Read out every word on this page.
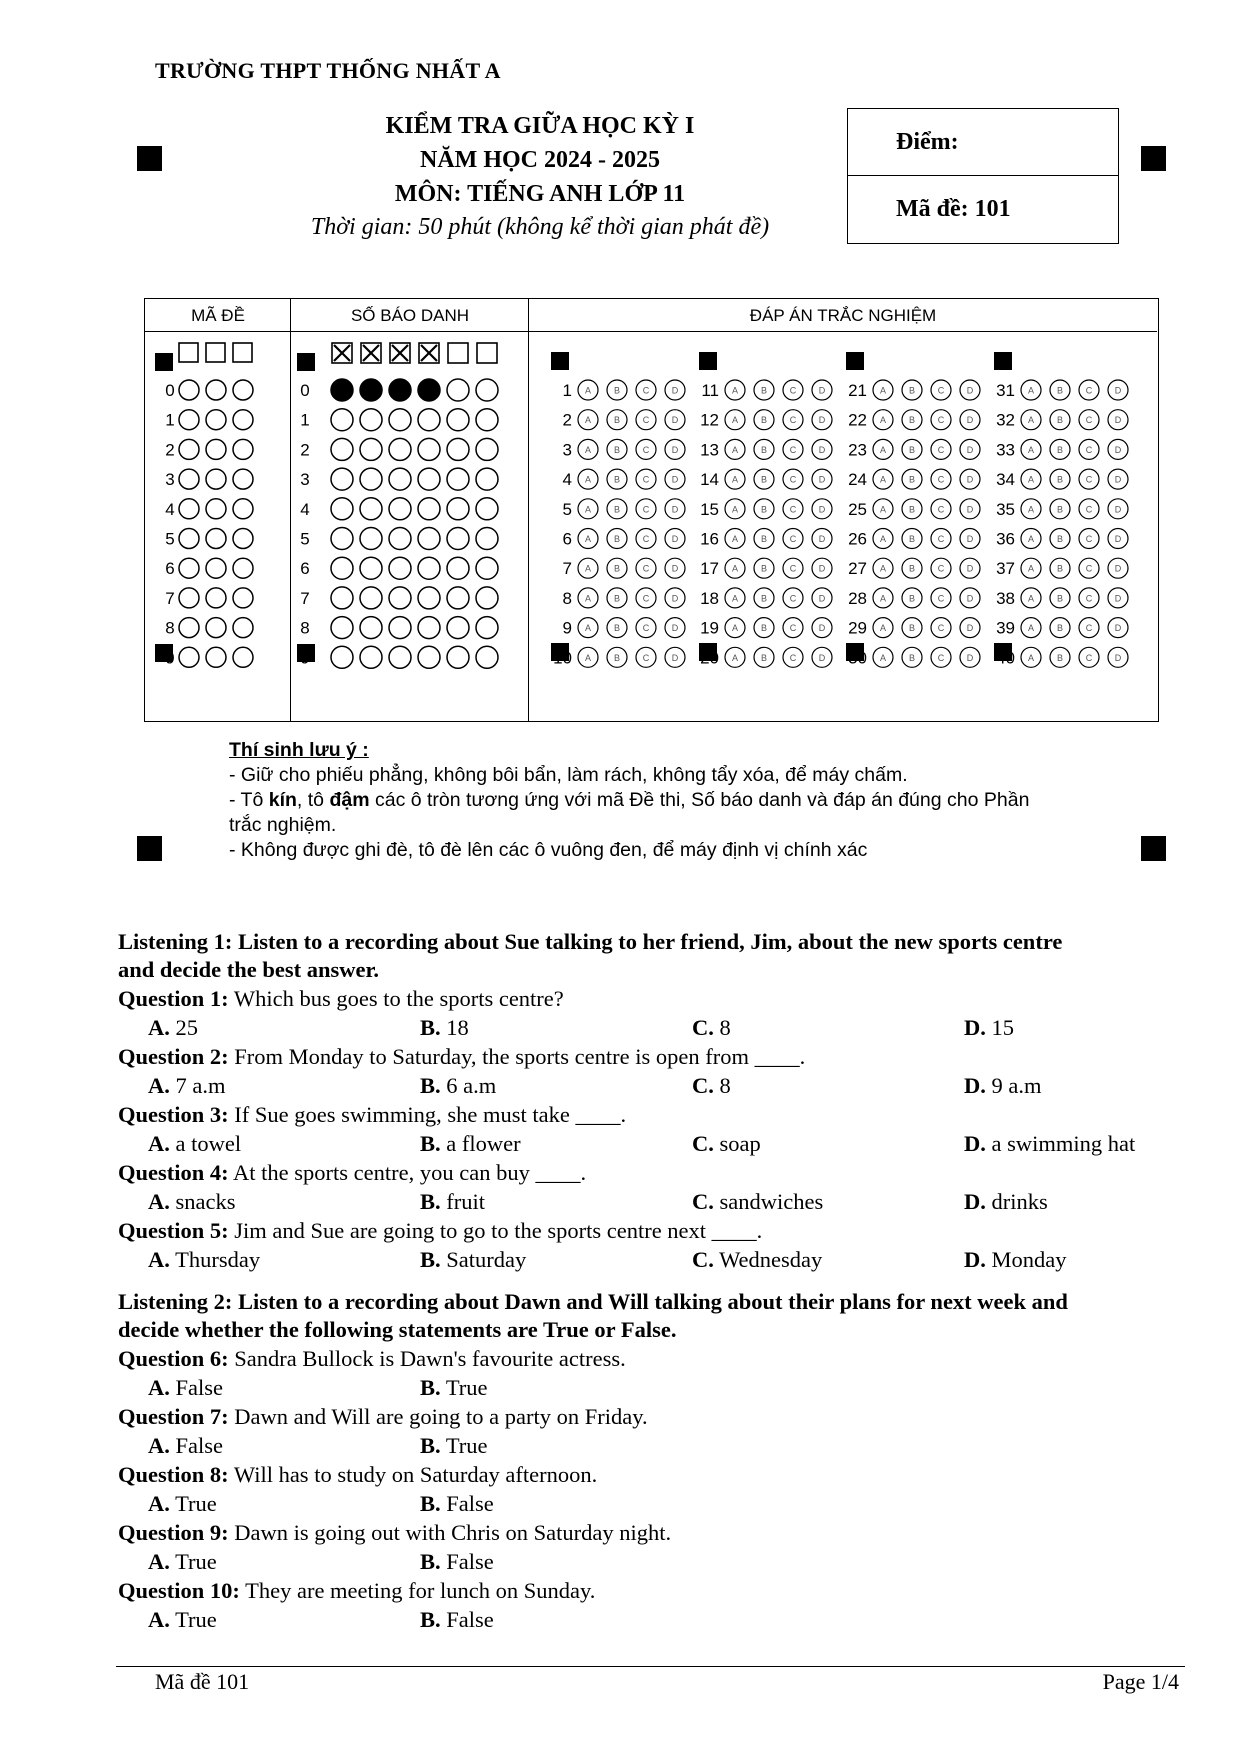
TRƯỜNG THPT THỐNG NHẤT A
KIỂM TRA GIỮA HỌC KỲ I
NĂM HỌC 2024 - 2025
MÔN: TIẾNG ANH LỚP 11
Thời gian: 50 phút (không kể thời gian phát đề)
Điểm:
Mã đề: 101
MÃ ĐỀ	SỐ BÁO DANH	ĐÁP ÁN TRẮC NGHIỆM
0	0
1	1
2	2
3	3
4	4
5	5
6	6
7	7
8	8
9	9
1 A	B	C	D
2 A	B	C	D
3 A	B	C	D
4 A	B	C	D
5 A	B	C	D
6 A	B	C	D
7 A	B	C	D
8 A	B	C	D
9 A	B	C	D
10 A	B	C	D
11 A	B	C	D
12 A	B	C	D
13 A	B	C	D
14 A	B	C	D
15 A	B	C	D
16 A	B	C	D
17 A	B	C	D
18 A	B	C	D
19 A	B	C	D
20 A	B	C	D
21 A	B	C	D
22 A	B	C	D
23 A	B	C	D
24 A	B	C	D
25 A	B	C	D
26 A	B	C	D
27 A	B	C	D
28 A	B	C	D
29 A	B	C	D
30 A	B	C	D
31 A	B	C	D
32 A	B	C	D
33 A	B	C	D
34 A	B	C	D
35 A	B	C	D
36 A	B	C	D
37 A	B	C	D
38 A	B	C	D
39 A	B	C	D
40 A	B	C	D
Thí sinh lưu ý :
- Giữ cho phiếu phẳng, không bôi bẩn, làm rách, không tẩy xóa, để máy chấm.
- Tô kín, tô đậm các ô tròn tương ứng với mã Đề thi, Số báo danh và đáp án đúng cho Phần
trắc nghiệm.
- Không được ghi đè, tô đè lên các ô vuông đen, để máy định vị chính xác
Listening 1: Listen to a recording about Sue talking to her friend, Jim, about the new sports centre
and decide the best answer.
Question 1: Which bus goes to the sports centre?
A. 25	B. 18	C. 8	D. 15
Question 2: From Monday to Saturday, the sports centre is open from ____.
A. 7 a.m	B. 6 a.m	C. 8	D. 9 a.m
Question 3: If Sue goes swimming, she must take ____.
A. a towel	B. a flower	C. soap	D. a swimming hat
Question 4: At the sports centre, you can buy ____.
A. snacks	B. fruit	C. sandwiches	D. drinks
Question 5: Jim and Sue are going to go to the sports centre next ____.
A. Thursday	B. Saturday	C. Wednesday	D. Monday
Listening 2: Listen to a recording about Dawn and Will talking about their plans for next week and
decide whether the following statements are True or False.
Question 6: Sandra Bullock is Dawn's favourite actress.
A. False	B. True
Question 7: Dawn and Will are going to a party on Friday.
A. False	B. True
Question 8: Will has to study on Saturday afternoon.
A. True	B. False
Question 9: Dawn is going out with Chris on Saturday night.
A. True	B. False
Question 10: They are meeting for lunch on Sunday.
A. True	B. False
Mã đề 101	Page 1/4
